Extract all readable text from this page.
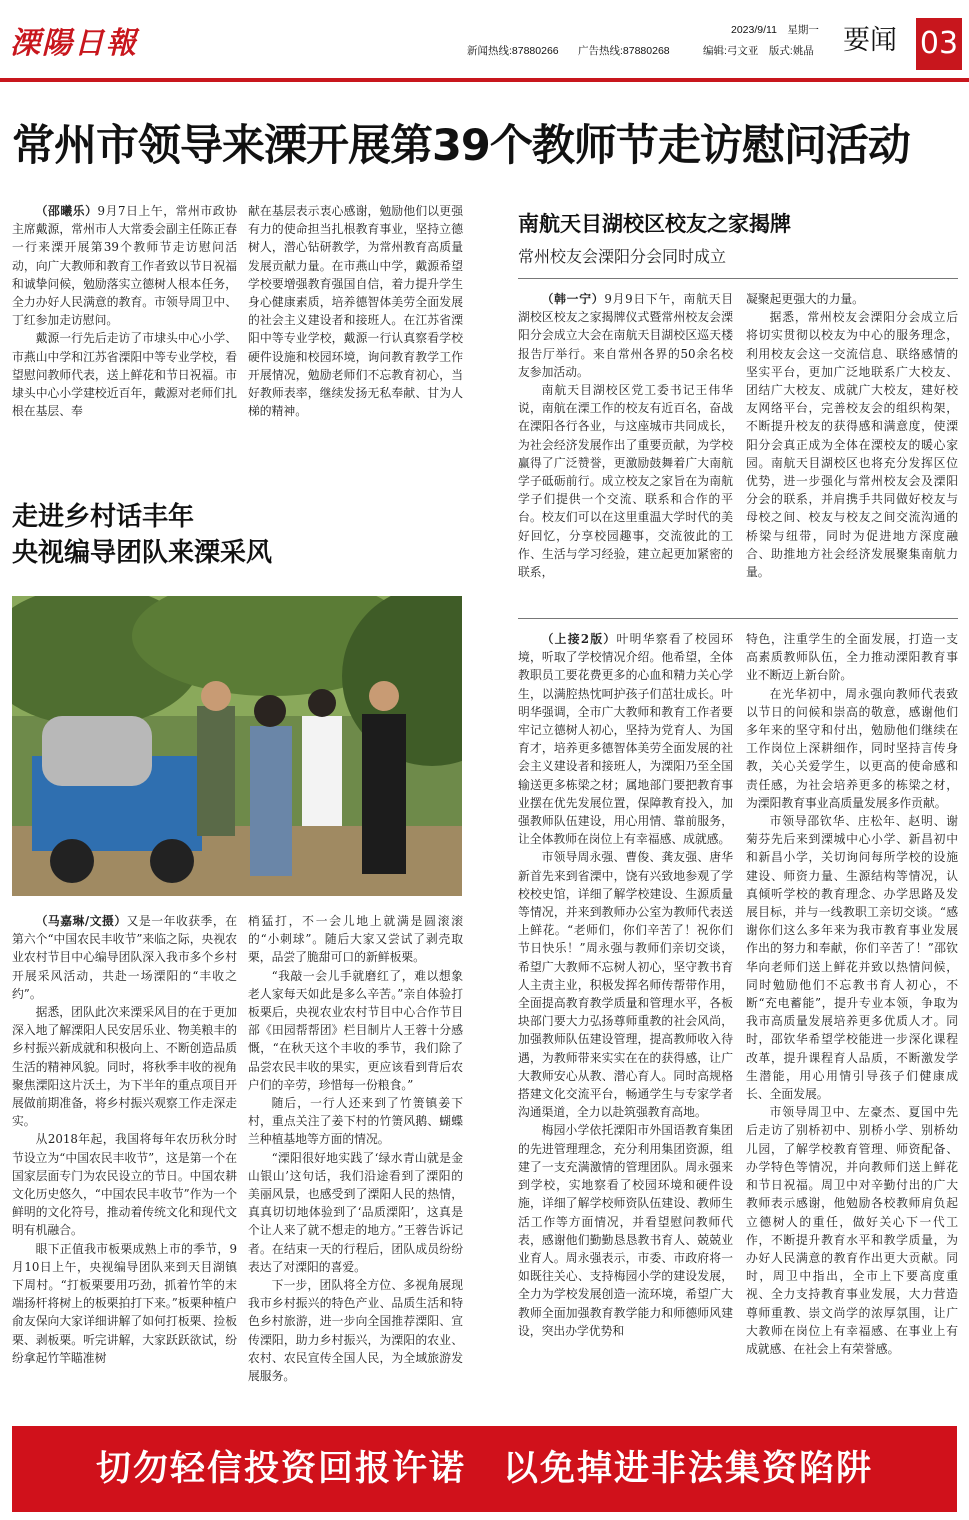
溧陽日報	2023/9/11　星期一
新闻热线:87880266 广告热线:87880268	编辑:弓文亚　版式:姚晶 要闻 03
常州市领导来溧开展第39个教师节走访慰问活动

（邵曦乐）9月7日上午，常州市政协主席戴源，常州市人大常委会副主任陈正春一行来溧开展第39个教师节走访慰问活动，向广大教师和教育工作者致以节日祝福和诚挚问候，勉励落实立德树人根本任务，全力办好人民满意的教育。市领导周卫中、丁红参加走访慰问。

戴源一行先后走访了市埭头中心小学、市燕山中学和江苏省溧阳中等专业学校，看望慰问教师代表，送上鲜花和节日祝福。市埭头中心小学建校近百年，戴源对老师们扎根在基层、奉

献在基层表示衷心感谢，勉励他们以更强有力的使命担当扎根教育事业，坚持立德树人，潜心钻研教学，为常州教育高质量发展贡献力量。在市燕山中学，戴源希望学校要增强教育强国自信，着力提升学生身心健康素质，培养德智体美劳全面发展的社会主义建设者和接班人。在江苏省溧阳中等专业学校，戴源一行认真察看学校硬件设施和校园环境，询问教育教学工作开展情况，勉励老师们不忘教育初心，当好教师表率，继续发扬无私奉献、甘为人梯的精神。

走进乡村话丰年
央视编导团队来溧采风

（马嘉琳/文摄）又是一年收获季，在第六个“中国农民丰收节”来临之际，央视农业农村节目中心编导团队深入我市多个乡村开展采风活动，共赴一场溧阳的“丰收之约”。

据悉，团队此次来溧采风目的在于更加深入地了解溧阳人民安居乐业、物美粮丰的乡村振兴新成就和积极向上、不断创造品质生活的精神风貌。同时，将秋季丰收的视角聚焦溧阳这片沃土，为下半年的重点项目开展做前期准备，将乡村振兴观察工作走深走实。

从2018年起，我国将每年农历秋分时节设立为“中国农民丰收节”，这是第一个在国家层面专门为农民设立的节日。中国农耕文化历史悠久，“中国农民丰收节”作为一个鲜明的文化符号，推动着传统文化和现代文明有机融合。

眼下正值我市板栗成熟上市的季节，9月10日上午，央视编导团队来到天目湖镇下周村。“打板栗要用巧劲，抓着竹竿的末端扬杆将树上的板栗拍打下来。”板栗种植户俞友保向大家详细讲解了如何打板栗、捡板栗、剥板栗。听完讲解，大家跃跃欲试，纷纷拿起竹竿瞄准树

梢猛打，不一会儿地上就满是圆滚滚的“小刺球”。随后大家又尝试了剥壳取栗，品尝了脆甜可口的新鲜板栗。

“我敲一会儿手就磨红了，难以想象老人家每天如此是多么辛苦。”亲自体验打板栗后，央视农业农村节目中心合作节目部《田园帮帮团》栏目制片人王蓉十分感慨，“在秋天这个丰收的季节，我们除了品尝农民丰收的果实，更应该看到背后农户们的辛劳，珍惜每一份粮食。”

随后，一行人还来到了竹箦镇姜下村，重点关注了姜下村的竹箦风鹅、蝴蝶兰种植基地等方面的情况。

“溧阳很好地实践了‘绿水青山就是金山银山’这句话，我们沿途看到了溧阳的美丽风景，也感受到了溧阳人民的热情，真真切切地体验到了‘品质溧阳’，这真是个让人来了就不想走的地方。”王蓉告诉记者。在结束一天的行程后，团队成员纷纷表达了对溧阳的喜爱。

下一步，团队将全方位、多视角展现我市乡村振兴的特色产业、品质生活和特色乡村旅游，进一步向全国推荐溧阳、宣传溧阳，助力乡村振兴，为溧阳的农业、农村、农民宣传全国人民，为全域旅游发展服务。

南航天目湖校区校友之家揭牌
常州校友会溧阳分会同时成立

（韩一宁）9月9日下午，南航天目湖校区校友之家揭牌仪式暨常州校友会溧阳分会成立大会在南航天目湖校区巡天楼报告厅举行。来自常州各界的50余名校友参加活动。

南航天目湖校区党工委书记王伟华说，南航在溧工作的校友有近百名，奋战在溧阳各行各业，与这座城市共同成长，为社会经济发展作出了重要贡献，为学校赢得了广泛赞誉，更激励鼓舞着广大南航学子砥砺前行。成立校友之家旨在为南航学子们提供一个交流、联系和合作的平台。校友们可以在这里重温大学时代的美好回忆，分享校园趣事，交流彼此的工作、生活与学习经验，建立起更加紧密的联系，

凝聚起更强大的力量。

据悉，常州校友会溧阳分会成立后将切实贯彻以校友为中心的服务理念，利用校友会这一交流信息、联络感情的坚实平台，更加广泛地联系广大校友、团结广大校友、成就广大校友，建好校友网络平台，完善校友会的组织构架，不断提升校友的获得感和满意度，使溧阳分会真正成为全体在溧校友的暖心家园。南航天目湖校区也将充分发挥区位优势，进一步强化与常州校友会及溧阳分会的联系，并肩携手共同做好校友与母校之间、校友与校友之间交流沟通的桥梁与纽带，同时为促进地方深度融合、助推地方社会经济发展聚集南航力量。

（上接2版）叶明华察看了校园环境，听取了学校情况介绍。他希望，全体教职员工要花费更多的心血和精力关心学生，以满腔热忱呵护孩子们茁壮成长。叶明华强调，全市广大教师和教育工作者要牢记立德树人初心，坚持为党育人、为国育才，培养更多德智体美劳全面发展的社会主义建设者和接班人，为溧阳乃至全国输送更多栋梁之材；属地部门要把教育事业摆在优先发展位置，保障教育投入，加强教师队伍建设，用心用情、靠前服务，让全体教师在岗位上有幸福感、成就感。

市领导周永强、曹俊、龚友强、唐华新首先来到省溧中，饶有兴致地参观了学校校史馆，详细了解学校建设、生源质量等情况，并来到教师办公室为教师代表送上鲜花。“老师们，你们辛苦了！祝你们节日快乐！”周永强与教师们亲切交谈，希望广大教师不忘树人初心，坚守教书育人主责主业，积极发挥名师传帮带作用，全面提高教育教学质量和管理水平，各板块部门要大力弘扬尊师重教的社会风尚，加强教师队伍建设管理，提高教师收入待遇，为教师带来实实在在的获得感，让广大教师安心从教、潜心育人。同时高规格搭建文化交流平台，畅通学生与专家学者沟通渠道，全力以赴筑强教育高地。

梅园小学依托溧阳市外国语教育集团的先进管理理念，充分利用集团资源，组建了一支充满激情的管理团队。周永强来到学校，实地察看了校园环境和硬件设施，详细了解学校师资队伍建设、教师生活工作等方面情况，并看望慰问教师代表，感谢他们勤勤恳恳教书育人、兢兢业业育人。周永强表示，市委、市政府将一如既往关心、支持梅园小学的建设发展，全力为学校发展创造一流环境，希望广大教师全面加强教育教学能力和师德师风建设，突出办学优势和

特色，注重学生的全面发展，打造一支高素质教师队伍，全力推动溧阳教育事业不断迈上新台阶。

在光华初中，周永强向教师代表致以节日的问候和崇高的敬意，感谢他们多年来的坚守和付出，勉励他们继续在工作岗位上深耕细作，同时坚持言传身教，关心关爱学生，以更高的使命感和责任感，为社会培养更多的栋梁之材，为溧阳教育事业高质量发展多作贡献。

市领导邵钦华、庄松年、赵明、谢菊芬先后来到溧城中心小学、新昌初中和新昌小学，关切询问每所学校的设施建设、师资力量、生源结构等情况，认真倾听学校的教育理念、办学思路及发展目标，并与一线教职工亲切交谈。“感谢你们这么多年来为我市教育事业发展作出的努力和奉献，你们辛苦了！”邵钦华向老师们送上鲜花并致以热情问候，同时勉励他们不忘教书育人初心，不断“充电蓄能”，提升专业本领，争取为我市高质量发展培养更多优质人才。同时，邵钦华希望学校能进一步深化课程改革，提升课程育人品质，不断激发学生潜能，用心用情引导孩子们健康成长、全面发展。

市领导周卫中、左豪杰、夏国中先后走访了别桥初中、别桥小学、别桥幼儿园，了解学校教育管理、师资配备、办学特色等情况，并向教师们送上鲜花和节日祝福。周卫中对辛勤付出的广大教师表示感谢，他勉励各校教师肩负起立德树人的重任，做好关心下一代工作，不断提升教育水平和教学质量，为办好人民满意的教育作出更大贡献。同时，周卫中指出，全市上下要高度重视、全力支持教育事业发展，大力营造尊师重教、崇文尚学的浓厚氛围，让广大教师在岗位上有幸福感、在事业上有成就感、在社会上有荣誉感。

切勿轻信投资回报许诺　以免掉进非法集资陷阱
